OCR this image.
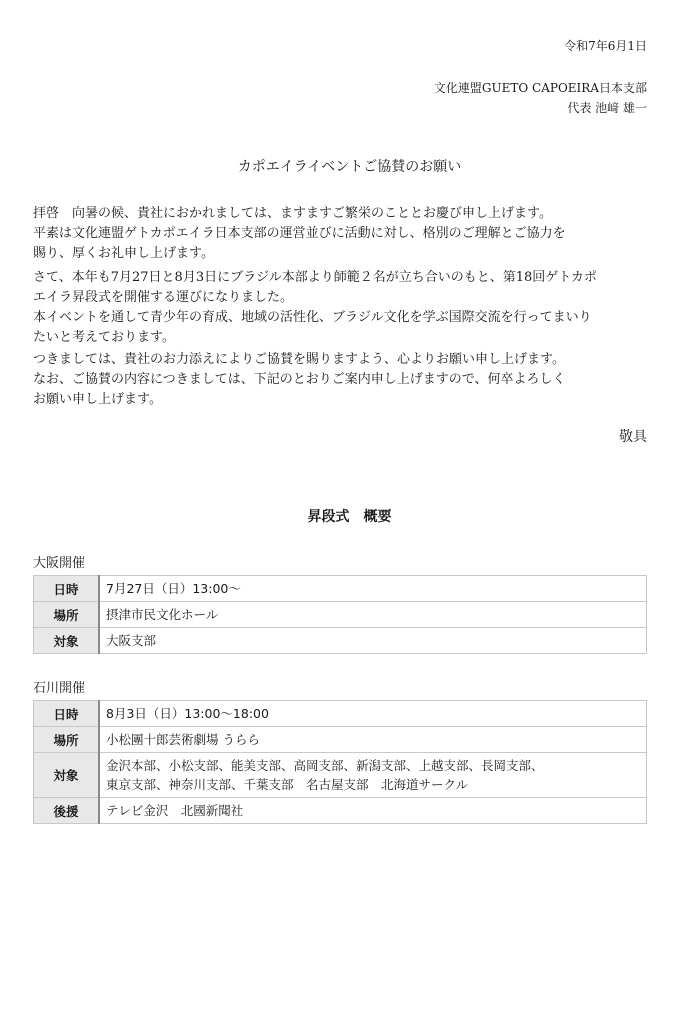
令和7年6月1日
文化連盟GUETO CAPOEIRA日本支部
代表 池﨑 雄一
カポエイライベントご協賛のお願い
拝啓　向暑の候、貴社におかれましては、ますますご繁栄のこととお慶び申し上げます。
平素は文化連盟ゲトカポエイラ日本支部の運営並びに活動に対し、格別のご理解とご協力を
賜り、厚くお礼申し上げます。
さて、本年も7月27日と8月3日にブラジル本部より師範２名が立ち合いのもと、第18回ゲトカポ
エイラ昇段式を開催する運びになりました。
本イベントを通して青少年の育成、地域の活性化、ブラジル文化を学ぶ国際交流を行ってまいり
たいと考えております。
つきましては、貴社のお力添えによりご協賛を賜りますよう、心よりお願い申し上げます。
なお、ご協賛の内容につきましては、下記のとおりご案内申し上げますので、何卒よろしく
お願い申し上げます。
敬具
昇段式　概要
大阪開催
日時	7月27日（日）13:00〜
場所	摂津市民文化ホール
対象	大阪支部
石川開催
日時	8月3日（日）13:00〜18:00
場所	小松團十郎芸術劇場 うらら
対象	金沢本部、小松支部、能美支部、高岡支部、新潟支部、上越支部、長岡支部、
東京支部、神奈川支部、千葉支部　名古屋支部　北海道サークル
後援	テレビ金沢　北國新聞社
